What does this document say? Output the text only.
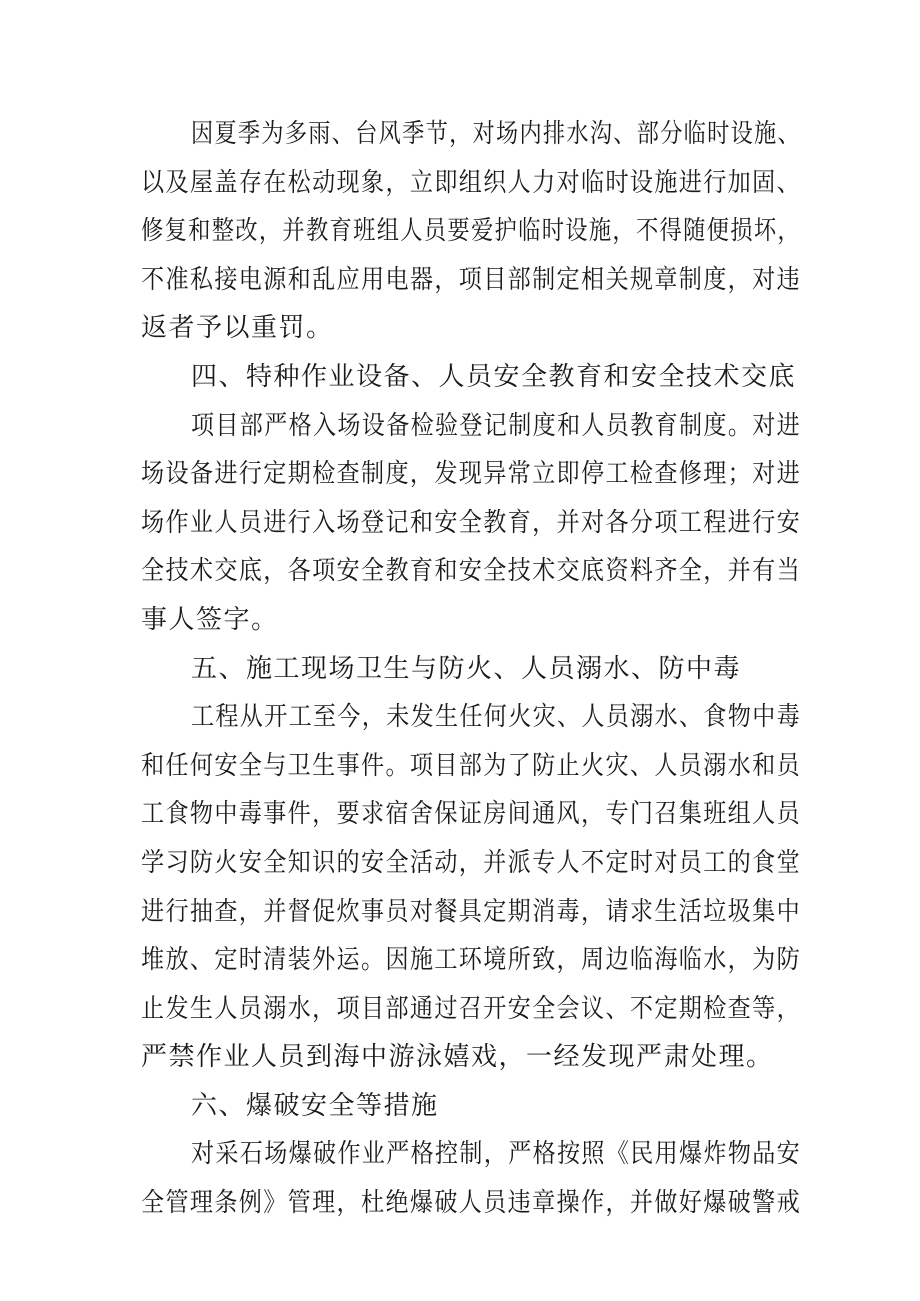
因夏季为多雨、台风季节，对场内排水沟、部分临时设施、
以及屋盖存在松动现象，立即组织人力对临时设施进行加固、
修复和整改，并教育班组人员要爱护临时设施，不得随便损坏，
不准私接电源和乱应用电器，项目部制定相关规章制度，对违
返者予以重罚。
四、特种作业设备、人员安全教育和安全技术交底
项目部严格入场设备检验登记制度和人员教育制度。对进
场设备进行定期检查制度，发现异常立即停工检查修理；对进
场作业人员进行入场登记和安全教育，并对各分项工程进行安
全技术交底，各项安全教育和安全技术交底资料齐全，并有当
事人签字。
五、施工现场卫生与防火、人员溺水、防中毒
工程从开工至今，未发生任何火灾、人员溺水、食物中毒
和任何安全与卫生事件。项目部为了防止火灾、人员溺水和员
工食物中毒事件，要求宿舍保证房间通风，专门召集班组人员
学习防火安全知识的安全活动，并派专人不定时对员工的食堂
进行抽查，并督促炊事员对餐具定期消毒，请求生活垃圾集中
堆放、定时清装外运。因施工环境所致，周边临海临水，为防
止发生人员溺水，项目部通过召开安全会议、不定期检查等，
严禁作业人员到海中游泳嬉戏，一经发现严肃处理。
六、爆破安全等措施
对采石场爆破作业严格控制，严格按照《民用爆炸物品安
全管理条例》管理，杜绝爆破人员违章操作，并做好爆破警戒
